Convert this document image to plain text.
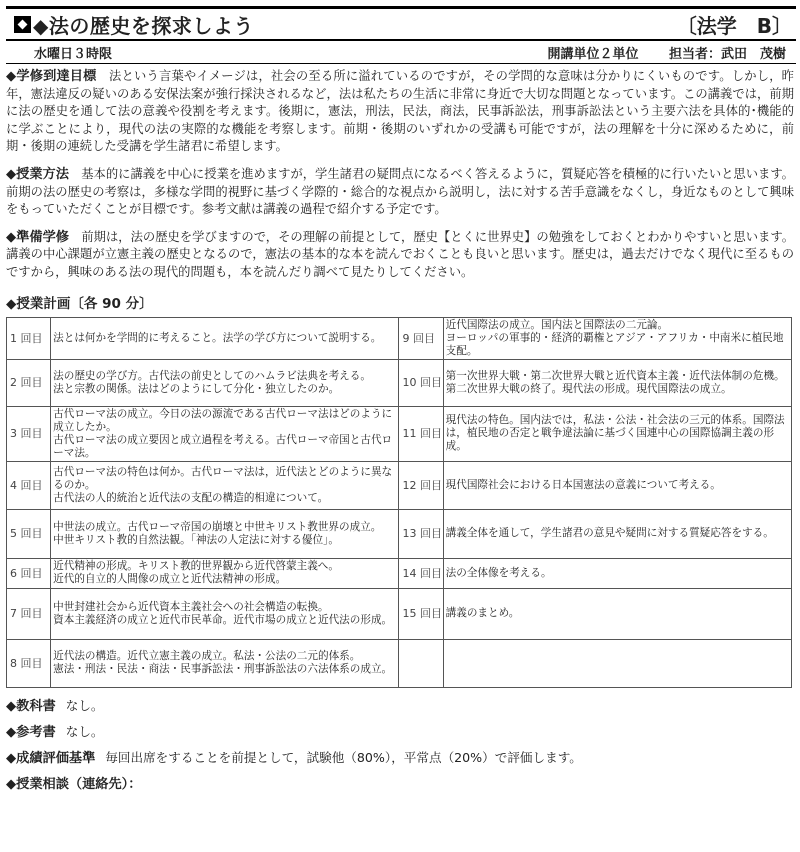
◆法の歴史を探求しよう	〔法学　B〕
水曜日３時限	開講単位２単位 担当者：武田　茂樹
◆学修到達目標　 法という言葉やイメージは，社会の至る所に溢れているのですが，その学問的な意味は分かりにくいものです。しかし，昨年，憲法違反の疑いのある安保法案が強行採決されるなど，法は私たちの生活に非常に身近で大切な問題となっています。この講義では，前期に法の歴史を通して法の意義や役割を考えます。後期に，憲法，刑法，民法，商法，民事訴訟法，刑事訴訟法という主要六法を具体的･機能的に学ぶことにより，現代の法の実際的な機能を考察します。前期・後期のいずれかの受講も可能ですが，法の理解を十分に深めるために，前期・後期の連続した受講を学生諸君に希望します。
◆授業方法　 基本的に講義を中心に授業を進めますが，学生諸君の疑問点になるべく答えるように，質疑応答を積極的に行いたいと思います。前期の法の歴史の考察は，多様な学問的視野に基づく学際的・総合的な視点から説明し，法に対する苦手意識をなくし，身近なものとして興味をもっていただくことが目標です。参考文献は講義の過程で紹介する予定です。
◆準備学修　 前期は，法の歴史を学びますので，その理解の前提として，歴史【とくに世界史】の勉強をしておくとわかりやすいと思います。講義の中心課題が立憲主義の歴史となるので，憲法の基本的な本を読んでおくことも良いと思います。歴史は，過去だけでなく現代に至るものですから，興味のある法の現代的問題も，本を読んだり調べて見たりしてください。
◆授業計画〔各 90 分〕
1 回目	法とは何かを学問的に考えること。法学の学び方について説明する。	9 回目	近代国際法の成立。国内法と国際法の二元論。
ヨーロッパの軍事的・経済的覇権とアジア・アフリカ・中南米に植民地支配。
2 回目	法の歴史の学び方。古代法の前史としてのハムラビ法典を考える。
法と宗教の関係。法はどのようにして分化・独立したのか。	10 回目	第一次世界大戦・第二次世界大戦と近代資本主義・近代法体制の危機。
第二次世界大戦の終了。現代法の形成。現代国際法の成立。
3 回目	古代ローマ法の成立。今日の法の源流である古代ローマ法はどのように成立したか。
古代ローマ法の成立要因と成立過程を考える。古代ローマ帝国と古代ローマ法。	11 回目	現代法の特色。国内法では，私法・公法・社会法の三元的体系。国際法は，植民地の否定と戦争違法論に基づく国連中心の国際協調主義の形成。
4 回目	古代ローマ法の特色は何か。古代ローマ法は，近代法とどのように異なるのか。
古代法の人的統治と近代法の支配の構造的相違について。	12 回目	現代国際社会における日本国憲法の意義について考える。
5 回目	中世法の成立。古代ローマ帝国の崩壊と中世キリスト教世界の成立。
中世キリスト教的自然法観。「神法の人定法に対する優位」。	13 回目	講義全体を通して，学生諸君の意見や疑問に対する質疑応答をする。
6 回目	近代精神の形成。キリスト教的世界観から近代啓蒙主義へ。
近代的自立的人間像の成立と近代法精神の形成。	14 回目	法の全体像を考える。
7 回目	中世封建社会から近代資本主義社会への社会構造の転換。
資本主義経済の成立と近代市民革命。近代市場の成立と近代法の形成。	15 回目	講義のまとめ。
8 回目	近代法の構造。近代立憲主義の成立。私法・公法の二元的体系。
憲法・刑法・民法・商法・民事訴訟法・刑事訴訟法の六法体系の成立。		
◆教科書 なし。
◆参考書 なし。
◆成績評価基準 毎回出席をすることを前提として，試験他（80%），平常点（20%）で評価します。
◆授業相談（連絡先）：
